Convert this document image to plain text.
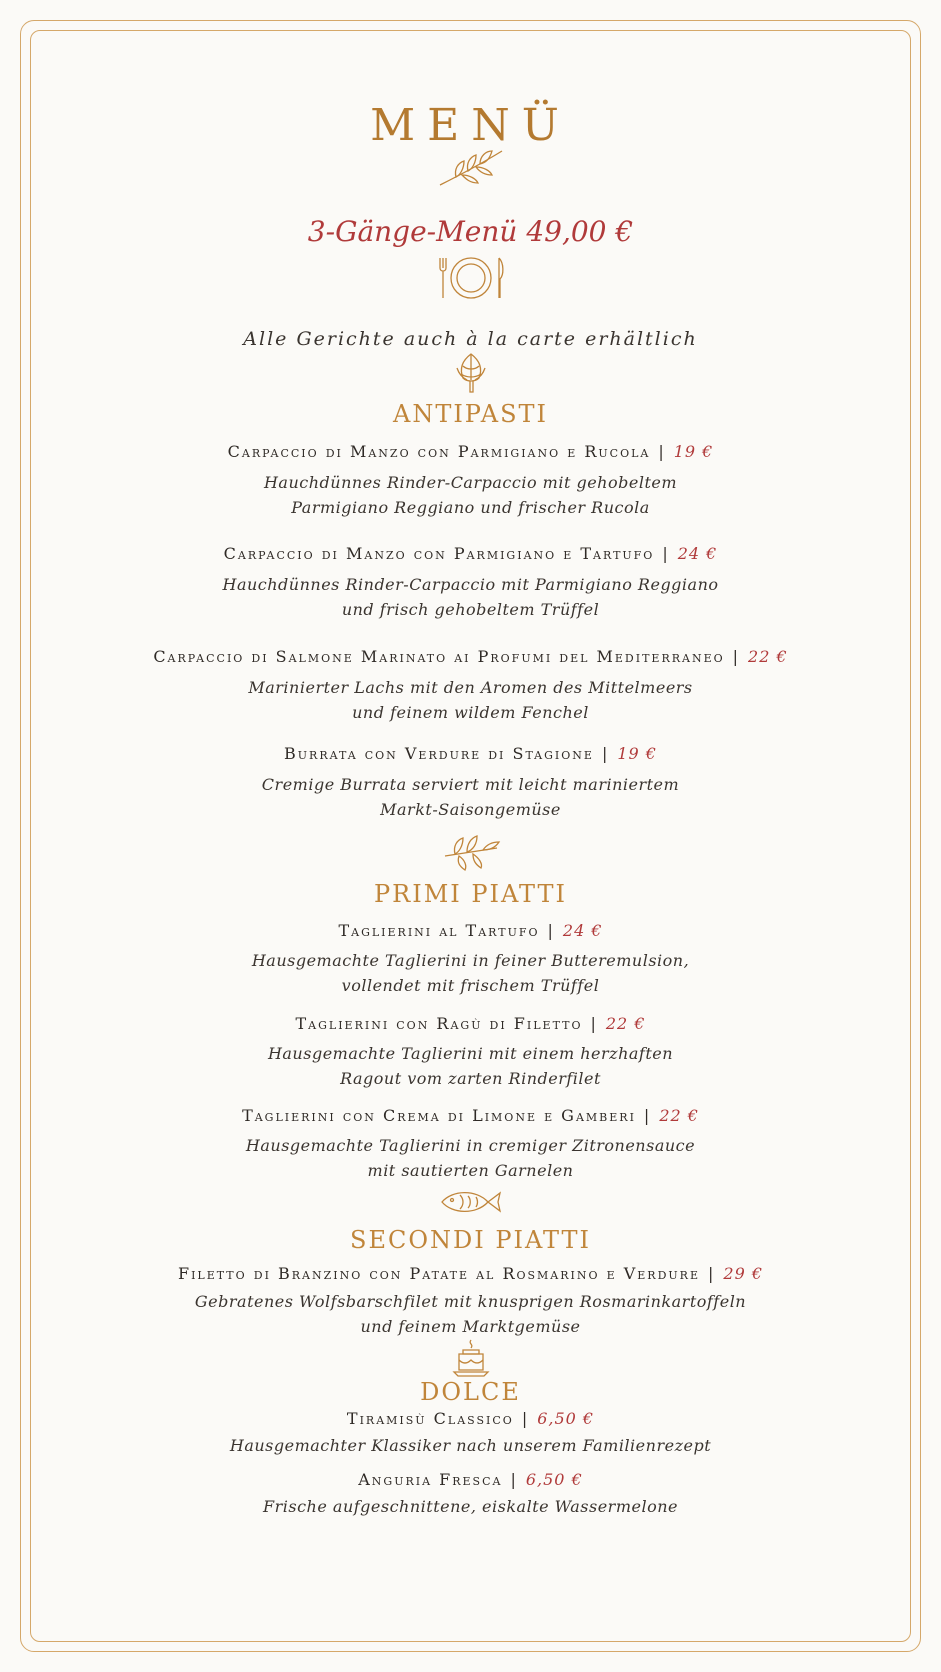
MENÜ
3-Gänge-Menü 49,00 €
Alle Gerichte auch à la carte erhältlich
ANTIPASTI
Carpaccio di Manzo con Parmigiano e Rucola | 19 €
Hauchdünnes Rinder-Carpaccio mit gehobeltem
Parmigiano Reggiano und frischer Rucola
Carpaccio di Manzo con Parmigiano e Tartufo | 24 €
Hauchdünnes Rinder-Carpaccio mit Parmigiano Reggiano
und frisch gehobeltem Trüffel
Carpaccio di Salmone Marinato ai Profumi del Mediterraneo | 22 €
Marinierter Lachs mit den Aromen des Mittelmeers
und feinem wildem Fenchel
Burrata con Verdure di Stagione | 19 €
Cremige Burrata serviert mit leicht mariniertem
Markt-Saisongemüse
PRIMI PIATTI
Taglierini al Tartufo | 24 €
Hausgemachte Taglierini in feiner Butteremulsion,
vollendet mit frischem Trüffel
Taglierini con Ragù di Filetto | 22 €
Hausgemachte Taglierini mit einem herzhaften
Ragout vom zarten Rinderfilet
Taglierini con Crema di Limone e Gamberi | 22 €
Hausgemachte Taglierini in cremiger Zitronensauce
mit sautierten Garnelen
SECONDI PIATTI
Filetto di Branzino con Patate al Rosmarino e Verdure | 29 €
Gebratenes Wolfsbarschfilet mit knusprigen Rosmarinkartoffeln
und feinem Marktgemüse
DOLCE
Tiramisù Classico | 6,50 €
Hausgemachter Klassiker nach unserem Familienrezept
Anguria Fresca | 6,50 €
Frische aufgeschnittene, eiskalte Wassermelone
